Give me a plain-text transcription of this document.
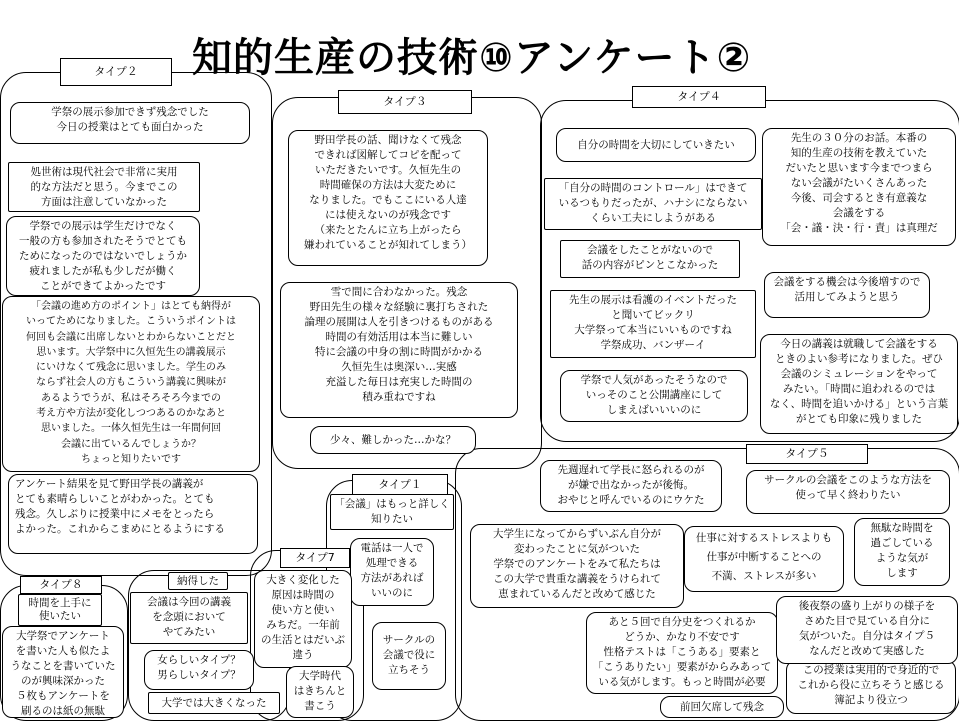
知的生産の技術⑩アンケート②
タイプ２
タイプ３	タイプ４
タイプ５
タイプ１
タイプ7
タイプ８
学祭の展示参加できず残念でした
今日の授業はとても面白かった
処世術は現代社会で非常に実用
的な方法だと思う。今までこの
方面は注意していなかった
学祭での展示は学生だけでなく
一般の方も参加されたそうでとても
ためになったのではないでしょうか
疲れましたが私も少しだが働く
ことができてよかったです
「会議の進め方のポイント」はとても納得が
いってためになりました。こういうポイントは
何回も会議に出席しないとわからないことだと
思います。大学祭中に久恒先生の講義展示
にいけなくて残念に思いました。学生のみ
ならず社会人の方もこういう講義に興味が
あるようでうが、私はそろそろ今までの
考え方や方法が変化しつつあるのかなあと
思いました。一体久恒先生は一年間何回
会議に出ているんでしょうか？
ちょっと知りたいです
アンケート結果を見て野田学長の講義が
とても素晴らしいことがわかった。とても
残念。久しぶりに授業中にメモをとったら
よかった。これからこまめにとるようにする
野田学長の話、聞けなくて残念
できれば図解してコピを配って
いただきたいです。久恒先生の
時間確保の方法は大変ために
なりました。でもここにいる人達
には使えないのが残念です
（来たとたんに立ち上がったら
嫌われていることが知れてしまう）
雪で間に合わなかった。残念
野田先生の様々な経験に裏打ちされた
論理の展開は人を引きつけるものがある
時間の有効活用は本当に難しい
特に会議の中身の割に時間がかかる
久恒先生は奥深い…実感
充溢した毎日は充実した時間の
積み重ねですね
少々、難しかった…かな？
自分の時間を大切にしていきたい
「自分の時間のコントロール」はできて
いるつもりだったが、ハナシにならない
くらい工夫にしようがある
会議をしたことがないので
話の内容がピンとこなかった
先生の展示は看護のイベントだった
と聞いてビックリ
大学祭って本当にいいものですね
学祭成功、バンザーイ
学祭で人気があったそうなので
いっそのこと公開講座にして
しまえばいいいのに
先生の３０分のお話。本番の
知的生産の技術を教えていた
だいたと思います今までつまら
ない会議がたいくさんあった
今後、司会するとき有意義な
会議をする
「会・議・決・行・責」は真理だ
会議をする機会は今後増すので
活用してみようと思う
今日の講義は就職して会議をする
ときのよい参考になりました。ぜひ
会議のシミュレーションをやって
みたい。「時間に追われるのでは
なく、時間を追いかける」という言葉
がとても印象に残りました
先週遅れて学長に怒られるのが
が嫌で出なかったが後悔。
おやじと呼んでいるのにウケた
サークルの会議をこのような方法を
使って早く終わりたい
大学生になってからずいぶん自分が
変わったことに気がついた
学祭でのアンケートをみて私たちは
この大学で貴重な講義をうけられて
恵まれているんだと改めて感じた
仕事に対するストレスよりも
仕事が中断することへの
不満、ストレスが多い
無駄な時間を
過ごしている
ような気が
します
あと５回で自分史をつくれるか
どうか、かなり不安です
性格テストは「こうある」要素と
「こうありたい」要素がからみあって
いる気がします。もっと時間が必要
この授業は実用的で身近的で
これから役に立ちそうと感じる
簿記より役立つ
後夜祭の盛り上がりの様子を
さめた目で見ている自分に
気がついた。自分はタイプ５
なんだと改めて実感した
前回欠席して残念
「会議」はもっと詳しく
知りたい
電話は一人で
処理できる
方法があれば
いいのに
サークルの
会議で役に
立ちそう
大きく変化した
原因は時間の
使い方と使い
みちだ。一年前
の生活とはだいぶ
違う
大学時代
はきちんと
書こう
納得した
会議は今回の講義
を念頭において
やてみたい
女らしいタイプ？
男らしいタイプ？
大学では大きくなった
時間を上手に
使いたい
大学祭でアンケート
を書いた人も似たよ
うなことを書いていた
のが興味深かった
５枚もアンケートを
刷るのは紙の無駄
